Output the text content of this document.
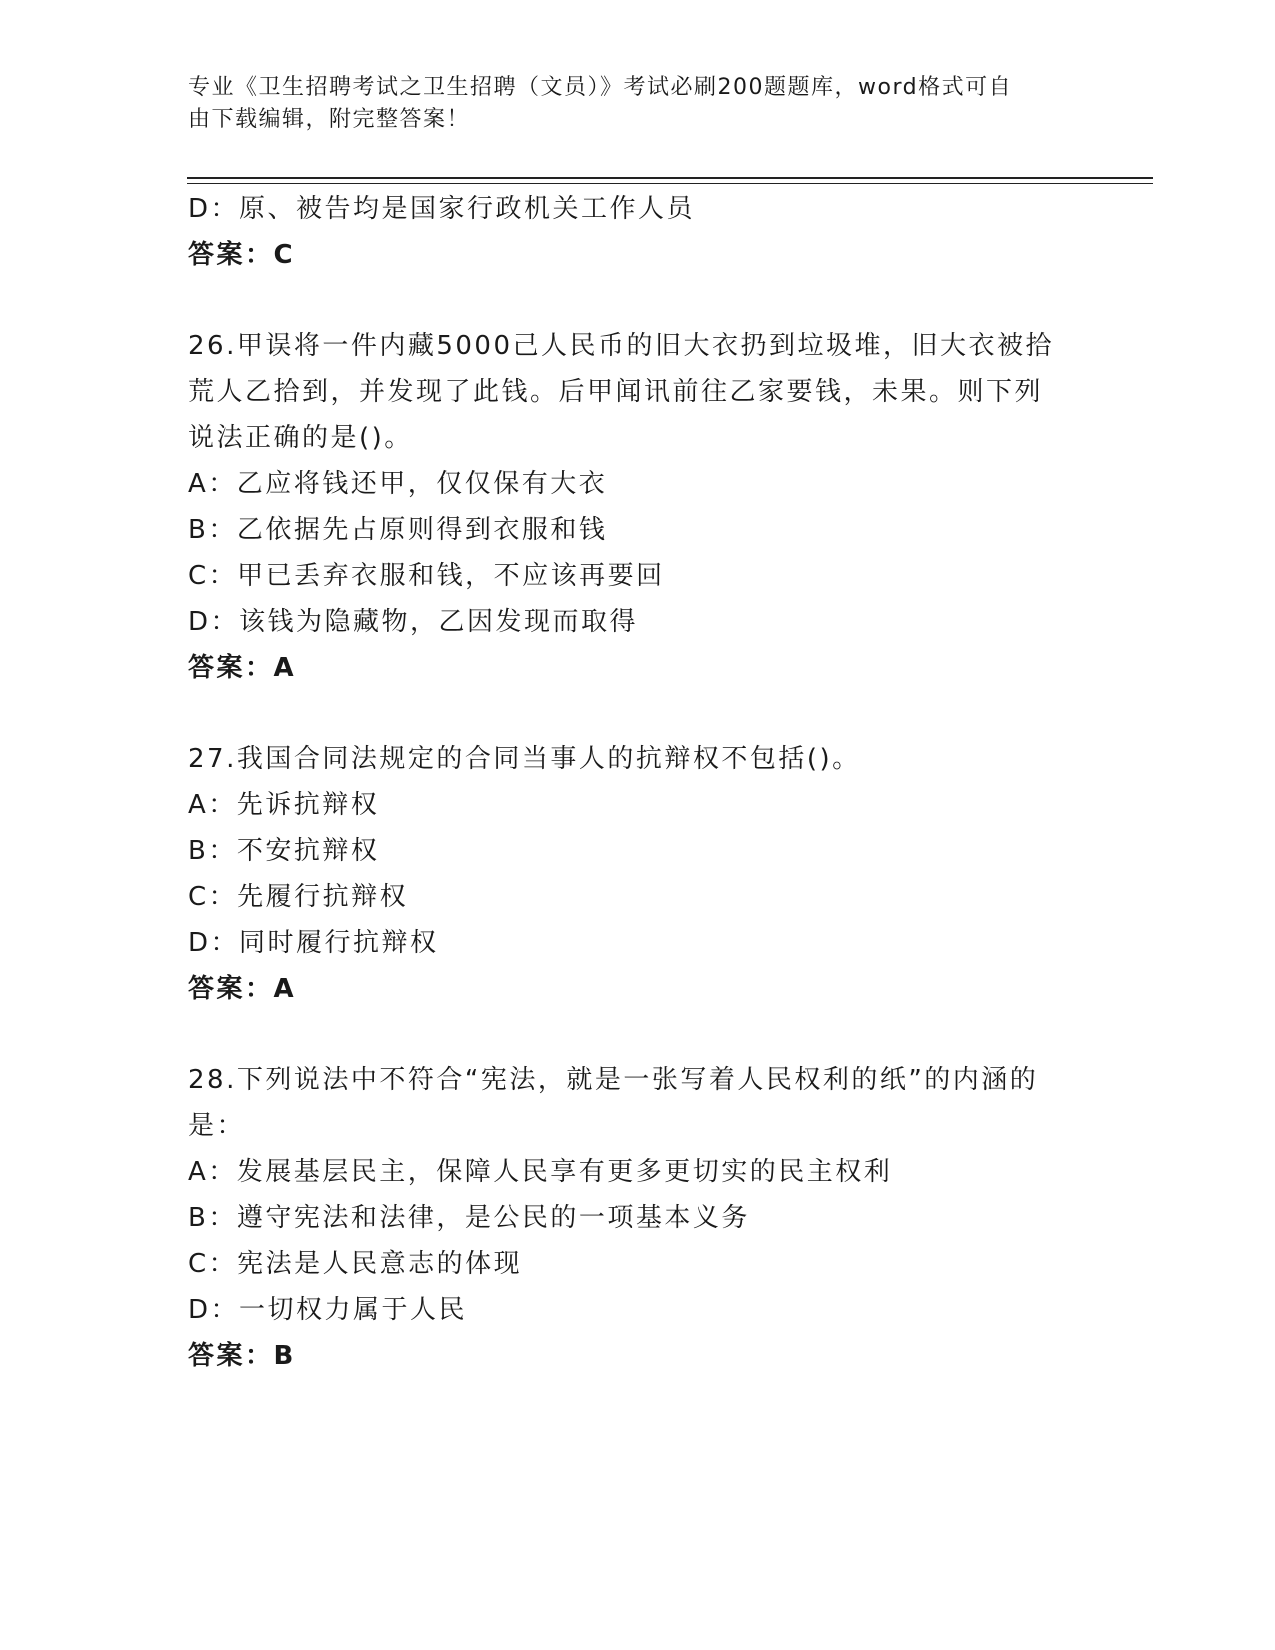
专业《卫生招聘考试之卫生招聘（文员）》考试必刷200题题库，word格式可自
由下载编辑，附完整答案！
D：原、被告均是国家行政机关工作人员
答案：C
26.甲误将一件内藏5000己人民币的旧大衣扔到垃圾堆，旧大衣被拾
荒人乙拾到，并发现了此钱。后甲闻讯前往乙家要钱，未果。则下列
说法正确的是()。
A：乙应将钱还甲，仅仅保有大衣
B：乙依据先占原则得到衣服和钱
C：甲已丢弃衣服和钱，不应该再要回
D：该钱为隐藏物，乙因发现而取得
答案：A
27.我国合同法规定的合同当事人的抗辩权不包括()。
A：先诉抗辩权
B：不安抗辩权
C：先履行抗辩权
D：同时履行抗辩权
答案：A
28.下列说法中不符合“宪法，就是一张写着人民权利的纸”的内涵的
是：
A：发展基层民主，保障人民享有更多更切实的民主权利
B：遵守宪法和法律，是公民的一项基本义务
C：宪法是人民意志的体现
D：一切权力属于人民
答案：B
